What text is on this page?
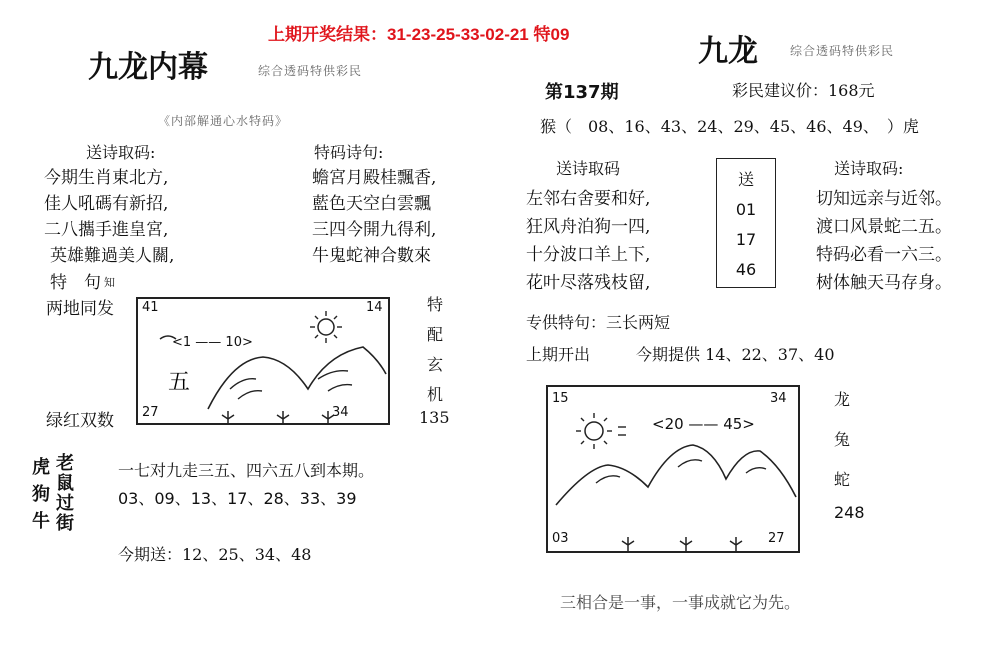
上期开奖结果：31-23-25-33-02-21 特09
九龙内幕	综合透码特供彩民
《内部解通心水特码》
送诗取码:
今期生肖東北方,
佳人吼碼有新招,
二八攜手進皇宮,
英雄難過美人關,
特码诗句:
蟾宮月殿桂飄香,
藍色天空白雲飄
三四今開九得利,
牛鬼蛇神合數來
特　句 知
两地同发
绿红双数
五
41	14
27	34
<1 —— 10>
特
配
玄
机
135
虎
狗
牛
老
鼠
过
街
一七对九走三五、四六五八到本期。
03、09、13、17、28、33、39
今期送：12、25、34、48
九龙	综合透码特供彩民
第137期	彩民建议价：168元
猴（　08、16、43、24、29、45、46、49、　）虎
送诗取码
左邻右舍要和好,
狂风舟泊狗一四,
十分波口羊上下,
花叶尽落残枝留,
送
01
17
46
送诗取码:
切知远亲与近邻。
渡口风景蛇二五。
特码必看一六三。
树体触天马存身。
专供特句：三长两短
上期开出	今期提供 14、22、37、40
15	34
03	27
<20 —— 45>
龙
兔
蛇
248
三相合是一事，一事成就它为先。
